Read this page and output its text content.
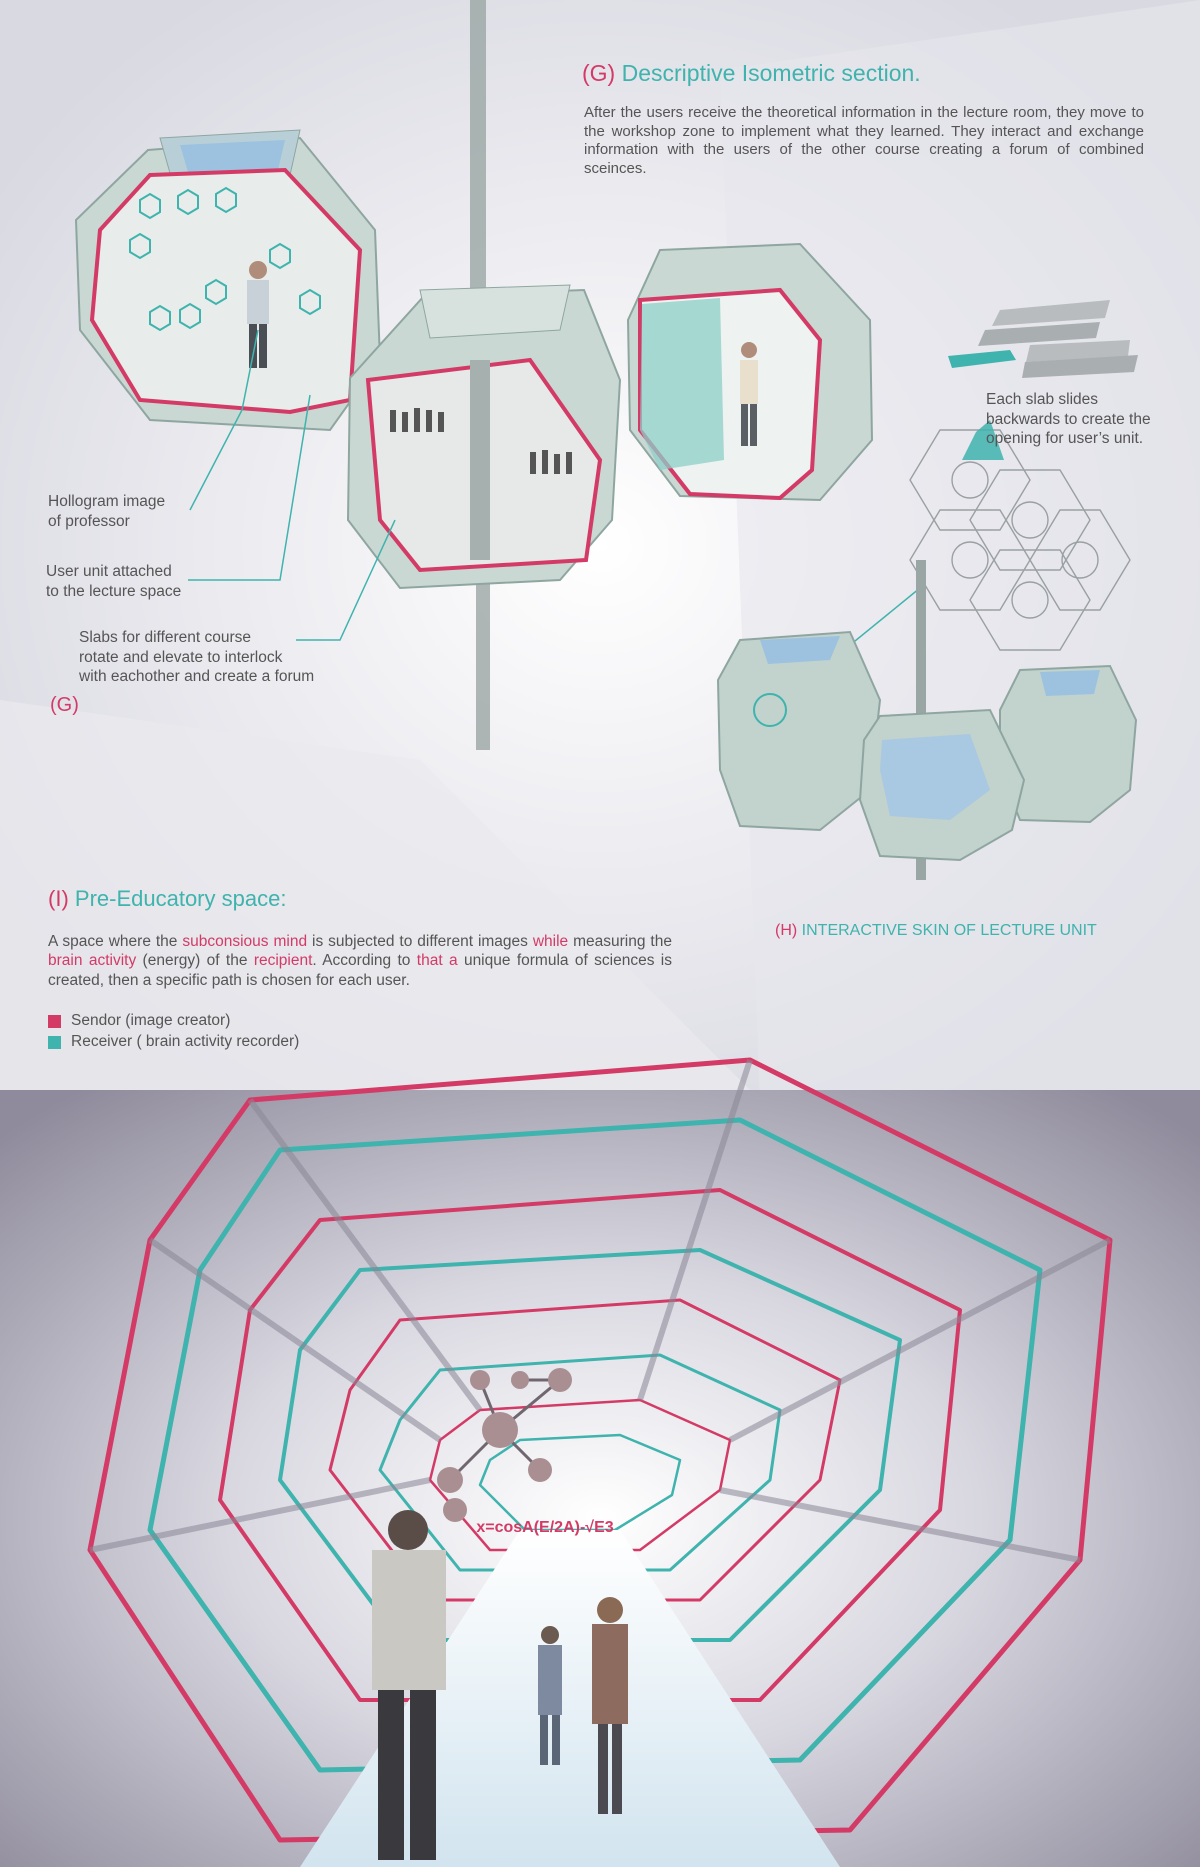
x=cosA(E/2A)-√E3
(G) Descriptive Isometric section.
After the users receive the theoretical information in the lecture room, they move to the workshop zone to implement what they learned. They interact and exchange information with the users of the other course creating a forum of combined sceinces.
Hollogram image
of professor
User unit attached
to the lecture space
Slabs for different course
rotate and elevate to interlock
with eachother and create a forum
(G)
Each slab slides
backwards to create the
opening for user’s unit.
(H) INTERACTIVE SKIN OF LECTURE UNIT
(I) Pre-Educatory space:
A space where the subconsious mind is subjected to different images while measuring the brain activity (energy) of the recipient. According to that a unique formula of sciences is created, then a specific path is chosen for each user.
Sendor (image creator)
Receiver ( brain activity recorder)
